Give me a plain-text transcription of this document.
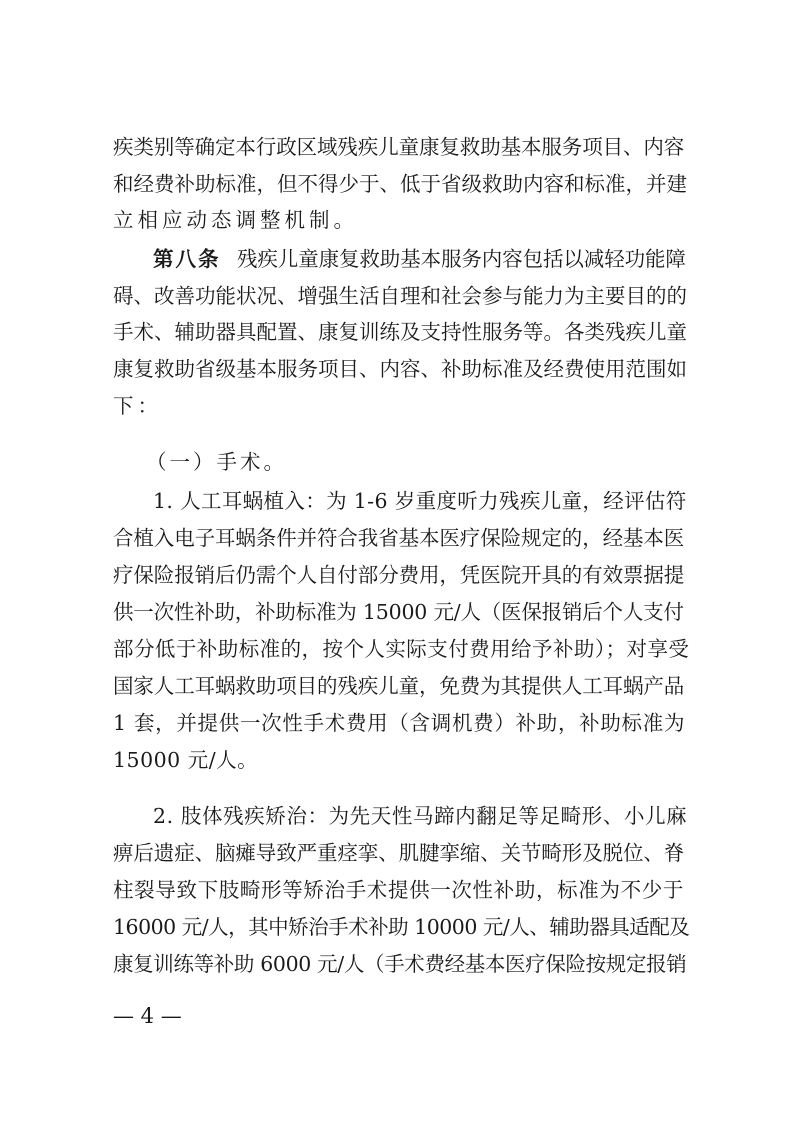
疾类别等确定本行政区域残疾儿童康复救助基本服务项目、内容
和经费补助标准，但不得少于、低于省级救助内容和标准，并建
立相应动态调整机制。
第八条 残疾儿童康复救助基本服务内容包括以减轻功能障
碍、改善功能状况、增强生活自理和社会参与能力为主要目的的
手术、辅助器具配置、康复训练及支持性服务等。各类残疾儿童
康复救助省级基本服务项目、内容、补助标准及经费使用范围如
下：
（一）手术。
1. 人工耳蜗植入：为 1-6 岁重度听力残疾儿童，经评估符
合植入电子耳蜗条件并符合我省基本医疗保险规定的，经基本医
疗保险报销后仍需个人自付部分费用，凭医院开具的有效票据提
供一次性补助，补助标准为 15000 元/人（医保报销后个人支付
部分低于补助标准的，按个人实际支付费用给予补助）；对享受
国家人工耳蜗救助项目的残疾儿童，免费为其提供人工耳蜗产品
1 套，并提供一次性手术费用（含调机费）补助，补助标准为
15000 元/人。
2. 肢体残疾矫治：为先天性马蹄内翻足等足畸形、小儿麻
痹后遗症、脑瘫导致严重痉挛、肌腱挛缩、关节畸形及脱位、脊
柱裂导致下肢畸形等矫治手术提供一次性补助，标准为不少于
16000 元/人，其中矫治手术补助 10000 元/人、辅助器具适配及
康复训练等补助 6000 元/人（手术费经基本医疗保险按规定报销
— 4 —
